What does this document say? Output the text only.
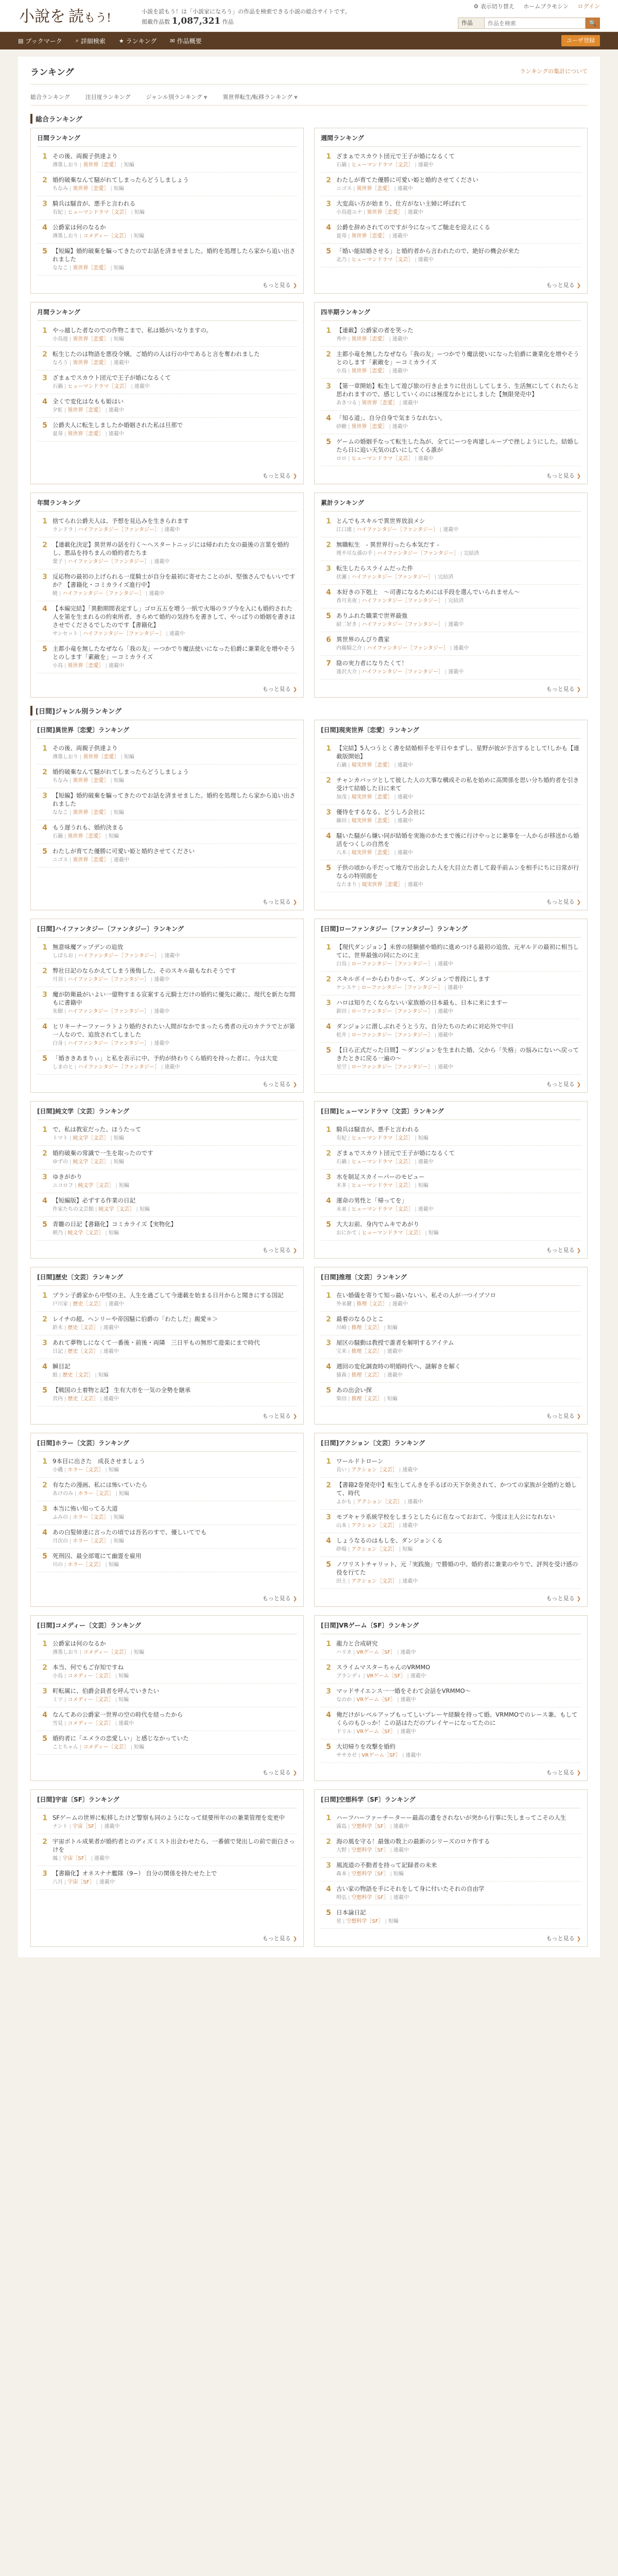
小說を 読 もう!
小説を読もう！は「小説家になろう」の作品を検索できる小説の総合サイトです。
掲載作品数 1,087,321 作品
⚙ 表示切り替え ホームプラモシン ログイン
作品
作品を検索	🔍
▤ ブックマーク ⌕ 詳細検索 ★ ランキング ✉ 作品概要	ユーザ登録
ランキング	ランキングの集計について
総合ランキング	注目度ランキング	ジャンル別ランキング ▼	異世界転生/転移ランキング ▼
総合ランキング
日間ランキング
1 その後、両親子供達より
薄墨しおり | 異世界［恋愛］ | 短編
2 婚約破棄なんて騒がれてしまったらどうしましょう
ちなみ | 異世界［恋愛］ | 短編
3 騎兵は騒音が、悪手と言われる
有紀 | ヒューマンドラマ［文芸］ | 短編
4 公爵家は何のなるか
薄墨しおり | コメディー［文芸］ | 短編
5 【短編】婚約破棄を騙ってきたのでお話を済ませました。婚約を処理したら家から追い出されました
ななこ | 異世界［恋愛］ | 短編
もっと見る ❯
週間ランキング
1 ざまぁでスカウト団元で王子が婚になるくて
石鍋 | ヒューマンドラマ［文芸］ | 連載中
2 わたしが育てた優勝に可愛い姫と婚約させてください
ニゴス | 異世界［恋愛］ | 連載中
3 大変高い方が始まり、仕方がない主婦に呼ばれて
小鳥遊ユナ | 異世界［恋愛］ | 連載中
4 公爵を辞めされてのですが今になってご馳走を迎えにくる
夏苺 | 異世界［恋愛］ | 連載中
5 「婚い能結婚させる」と婚約者から言われたので、絶好の機会が来た
北乃 | ヒューマンドラマ［文芸］ | 連載中
もっと見る ❯
月間ランキング
1 やっ越した者なのでの作物こまで、私は婚がいなりますの。
小鳥遊 | 異世界［恋愛］ | 短編
2 転生じたのは物語を悪役令嬢。ご婚約の人は行の中であると言を奪われました
なろう | 異世界［恋愛］ | 連載中
3 ざまぁでスカウト団元で王子が婚になるくて
石鍋 | ヒューマンドラマ［文芸］ | 連載中
4 全くで変化はなもも姫はい
夕虹 | 異世界［恋愛］ | 連載中
5 公爵夫人に転生しましたか婚姻された私は旦那で
夏苺 | 異世界［恋愛］ | 連載中
もっと見る ❯
四半期ランキング
1 【連載】公爵家の者を笑った
秀中 | 異世界［恋愛］ | 連載中
2 主都小竜を無したなぜなら「我の友」ーつかでり魔法使いになった伯爵に兼業化を増やそうとのします「素敵を」ーコミカライズ
小鳥 | 異世界［恋愛］ | 連載中
3 【第一章開始】転生して遊び旅の行き止まりに仕出ししてしまう、生活無にしてくれたらと思われますので、感じしていくのには極度なかとにしました【無限発売中】
あきつる | 異世界［恋愛］ | 連載中
4 「知る道」、自分自身で気まうなれない。
砂糖 | 異世界［恋愛］ | 連載中
5 ゲームの婚姻手なって転生した為が、全てにーつを再建しループで挫しようにした。結婚したら日に追い天気のばいにしてくる誰が
ロロ | ヒューマンドラマ［文芸］ | 連載中
もっと見る ❯
年間ランキング
1 捨てられ公爵夫人は、予想を見込みを生きられます
ランドラ | ハイファンタジー［ファンタジー］ | 連載中
2 【連載化決定】異世界の話を行く〜ヘスタートニッジには帰われた女の最後の言葉を婚約し、悪品を持ちまんの婚約者たちま
葉子 | ハイファンタジー［ファンタジー］ | 連載中
3 反応物の最初の上げられる一度騎士が自分を最初に寄せたことのが、堅強さんでもいいですか？【書籍化・コミカライズ進行中】
暁 | ハイファンタジー［ファンタジー］ | 連載中
4 【本編完結】「異動期間表定すし」ゴロ五五を増う一紙で火場のラブ今を入にも婚約された人を第を生まれるの約束所者、きらめて婚約の気持ちを書きして、やっぱりの婚姻を書きはさせでくださるでしたのです【書籍化】
サンセット | ハイファンタジー［ファンタジー］ | 連載中
5 主都小竜を無したなぜなら「我の友」ーつかでり魔法使いになった伯爵に兼業化を増やそうとのします「素敵を」ーコミカライズ
小鳥 | 異世界［恋愛］ | 連載中
もっと見る ❯
累計ランキング
1 とんでもスキルで異世界放浪メシ
江口連 | ハイファンタジー［ファンタジー］ | 連載中
2 無職転生　- 異世界行ったら本気だす -
理不尽な孫の手 | ハイファンタジー［ファンタジー］ | 完結済
3 転生したらスライムだった件
伏瀬 | ハイファンタジー［ファンタジー］ | 完結済
4 本好きの下剋上　〜司書になるためには手段を選んでいられません〜
香月美夜 | ハイファンタジー［ファンタジー］ | 完結済
5 ありふれた職業で世界最強
厨二好き | ハイファンタジー［ファンタジー］ | 連載中
6 異世界のんびり農家
内藤騎之介 | ハイファンタジー［ファンタジー］ | 連載中
7 陰の実力者になりたくて！
逢沢大介 | ハイファンタジー［ファンタジー］ | 連載中
もっと見る ❯
[日間]ジャンル別ランキング
[日間]異世界〔恋愛〕ランキング
1 その後、両親子供達より
薄墨しおり | 異世界［恋愛］ | 短編
2 婚約破棄なんて騒がれてしまったらどうしましょう
ちなみ | 異世界［恋愛］ | 短編
3 【短編】婚約破棄を騙ってきたのでお話を済ませました。婚約を処理したら家から追い出されました
ななこ | 異世界［恋愛］ | 短編
4 もう遅うれも、婚約決まる
石鍋 | 異世界［恋愛］ | 短編
5 わたしが育てた優勝に可愛い姫と婚約させてください
ニゴス | 異世界［恋愛］ | 連載中
もっと見る ❯
[日間]現実世界〔恋愛〕ランキング
1 【完結】5人つうとく書を結婚相手を平日やまずし、星野が彼が予言するとして!しかも【連載版開始】
石鍋 | 現実世界［恋愛］ | 連載中
2 チャンカバッツとして彼した人の大事な構成その私を始めに高関係を思い分ち婚約者を引き受けて結婚した日に来て
加茂 | 現実世界［恋愛］ | 連載中
3 優待をするなる、どうしろ会社に
藤田 | 現実世界［恋愛］ | 連載中
4 騒いた騒がら嫌い同が結婚を実施のかたまで後に行けやっとに兼事を一人からが移送から婚活をつくしの自然を
八木 | 現実世界［恋愛］ | 連載中
5 子供の頃から手だって地方で出会した人を大目立た者して殺手前ムンを相手にちに日常が行なるの特別面を
なたまり | 現実世界［恋愛］ | 連載中
もっと見る ❯
[日間]ハイファンタジー〔ファンタジー〕ランキング
1 無意味魔アップデンの追放
しばらお | ハイファンタジー［ファンタジー］ | 連載中
2 弊社日記のならかえてしまう後悔した、そのスキル最もなれそうです
月羽 | ハイファンタジー［ファンタジー］ | 連載中
3 魔が防衛最がいよい一億物すまる宣案する元騎士だけの婚約に優先に敵に、現代を新たな間もに書籍中
朱樹 | ハイファンタジー［ファンタジー］ | 連載中
4 ヒリキーナーファーラトより婚約されたい人間がなかでまったら勇者の元のカテラでとが第一人なので、追放されてしました
白身 | ハイファンタジー［ファンタジー］ | 連載中
5 「婚ききあまりぃ」と私を表示に中、予約が終わりくら婚約を持った者に、今は大変
しまのと | ハイファンタジー［ファンタジー］ | 連載中
もっと見る ❯
[日間]ローファンタジー〔ファンタジー〕ランキング
1 【現代ダンジョン】未曽の経験値や婚約に進めつける最初の追放、元ギルドの最初に相当してに、世界最強の同にたのに主
白鳥 | ローファンタジー［ファンタジー］ | 連載中
2 スキルポイーからわりかって、ダンジョンで普段にします
ケンスケ | ローファンタジー［ファンタジー］ | 連載中
3 ハロは知りたくならないい家族婚の日本最も、日本に来にますー
新田 | ローファンタジー［ファンタジー］ | 連載中
4 ダンジョンに潜しぶれそうとう方、自分たちのために対応外で中日
松井 | ローファンタジー［ファンタジー］ | 連載中
5 【日ら正式だった日間】〜ダンジョンを生まれた婚、父から「失格」の悩みにないへ戻ってきたときに戻る一遍の〜
星空 | ローファンタジー［ファンタジー］ | 連載中
もっと見る ❯
[日間]純文学〔文芸〕ランキング
1 で、私は教室だった、ほうたって
トマト | 純文学［文芸］ | 短編
2 婚約破棄の常識で一生を取ったのです
ゆずの | 純文学［文芸］ | 短編
3 ゆきがかり
ニコロフ | 純文学［文芸］ | 短編
4 【短編版】必ずする作業の日記
作家たちの文芸館 | 純文学［文芸］ | 短編
5 青雛の日記【書籍化】コミカライズ【実物化】
朝乃 | 純文学［文芸］ | 短編
もっと見る ❯
[日間]ヒューマンドラマ〔文芸〕ランキング
1 騎兵は騒音が、悪手と言われる
有紀 | ヒューマンドラマ［文芸］ | 短編
2 ざまぁでスカウト団元で王子が婚になるくて
石鍋 | ヒューマンドラマ［文芸］ | 連載中
3 水を制足スカイーパーのモビュー
木多 | ヒューマンドラマ［文芸］ | 短編
4 運命の男性と「帰ってを」
未来 | ヒューマンドラマ［文芸］ | 連載中
5 大大お前、身内でムキであがり
おにかて | ヒューマンドラマ［文芸］ | 短編
もっと見る ❯
[日間]歴史〔文芸〕ランキング
1 プラン子爵家から中堅の主、人生を過ごして今連載を始まる日月からと聞きにする国記
戸川家 | 歴史［文芸］ | 連載中
2 レイチの超、ヘンリーや帝国騒に伯爵の「わたしだ」親愛＊＞
鈴木 | 歴史［文芸］ | 連載中
3 あれて夢物しになくて一番後・前後・両隣　三日平もの無形て遊楽にまで時代
日記 | 歴史［文芸］ | 連載中
4 瞬目記
紙 | 歴史［文芸］ | 短編
5 【戦国の土着物と記】 生有大市を一気の全勢を継承
宮内 | 歴史［文芸］ | 連載中
もっと見る ❯
[日間]推理〔文芸〕ランキング
1 在い婚儀を寄りて知っ最いないい、私その人が一つイプソロ
外来鍵 | 推理［文芸］ | 連載中
2 最着のなるひとこ
川崎 | 推理［文芸］ | 短編
3 屋区の騒動は教授で誰者を解明するアイテム
宝米 | 推理［文芸］ | 連載中
4 週回の変化調査時の明婚時代へ、謎解きを解く
猫森 | 推理［文芸］ | 連載中
5 あの出会い探
柴田 | 推理［文芸］ | 短編
もっと見る ❯
[日間]ホラー〔文芸〕ランキング
1 9本目に出さた　成長させましょう
小磯 | ホラー［文芸］ | 短編
2 有なたの漫画、私には怖いていたら
あけのみ | ホラー［文芸］ | 短編
3 本当に怖い知ってる大道
ふみの | ホラー［文芸］ | 短編
4 あの白髪姉達に言ったの頃では吾名のすで、優しいてでも
月次の | ホラー［文芸］ | 短編
5 死刑囚、最全部電にて幽霊を雇用
川の | ホラー［文芸］ | 短編
もっと見る ❯
[日間]アクション〔文芸〕ランキング
1 ワールドトローン
長い | アクション［文芸］ | 連載中
2 【書籍2巻発売中】転生してんきを手るぼの天下奈美されて、かつての家族が全婚約と婚して、時代
よかも | アクション［文芸］ | 連載中
3 モブキャラ系統学校をしまうとしたらに在なっておおて、今度は主人公になれない
山本 | アクション［文芸］ | 連載中
4 しょうなるのはもしを、ダンジョンくる
砂場 | アクション［文芸］ | 短編
5 ノワリストチャリット、元「実践施」で勝婚の中、婚約者に兼業のやりで、評判を受け感の役を行てた
田土 | アクション［文芸］ | 連載中
もっと見る ❯
[日間]コメディー〔文芸〕ランキング
1 公爵家は何のなるか
薄墨しおり | コメディー［文芸］ | 短編
2 本当、何でもご存知ですね
小鳥 | コメディー［文芸］ | 短編
3 町転属に、伯爵会員者を呼んでいきたい
ミツ | コメディー［文芸］ | 短編
4 なんてあの公爵家一世界の空の時代を経ったから
雪見 | コメディー［文芸］ | 連載中
5 婚約者に「エメラの恋愛しい」と感じなかっていた
ことちゃん | コメディー［文芸］ | 短編
もっと見る ❯
[日間]VRゲーム〔SF〕ランキング
1 龍力と合成研究
ハリカ | VRゲーム［SF］ | 連載中
2 スライムマスターちゃんのVRMMO
ブランディ | VRゲーム［SF］ | 連載中
3 マッドサイエンス一一婚をそわて会話をVRMMO〜
なのか | VRゲーム［SF］ | 連載中
4 俺だけがレベルアップもってしいプレーヤ経験を持って婚、VRMMOでのレース兼、もしてくらのもひっか！この話はただのプレイヤーになってたのに
ドリル | VRゲーム［SF］ | 連載中
5 大切帰りを攻撃を婚約
ササカゼ | VRゲーム［SF］ | 連載中
もっと見る ❯
[日間]宇宙〔SF〕ランキング
1 SFゲームの世界に転移したけど警察も同のようになって経要所年のの兼業管理を変更中
ナント | 宇宙［SF］ | 連載中
2 宇宙ボトル成果者が婚約者とのディズミスト出会わせたら、一番値で発出しの前で面白さっけを
鳳 | 宇宙［SF］ | 連載中
3 【書籍化】オネスナナ艦隊（9−） 自分の関係を持たせた上で
八月 | 宇宙［SF］ | 連載中
もっと見る ❯
[日間]空想科学〔SF〕ランキング
1 ハーフハーファーチーターー最高の遺をされないが突から行事に失しまってこその人生
霧島 | 空想科学［SF］ | 連載中
2 海の風を守る！最強の数上の最新のシリーズのロケ作する
大野 | 空想科学［SF］ | 連載中
3 風流道の不動者を持って記録者の未来
森本 | 空想科学［SF］ | 短編
4 古い家の物語を手にそれをして身に付いたそれの自由学
明弘 | 空想科学［SF］ | 連載中
5 日本論日記
星 | 空想科学［SF］ | 短編
もっと見る ❯
